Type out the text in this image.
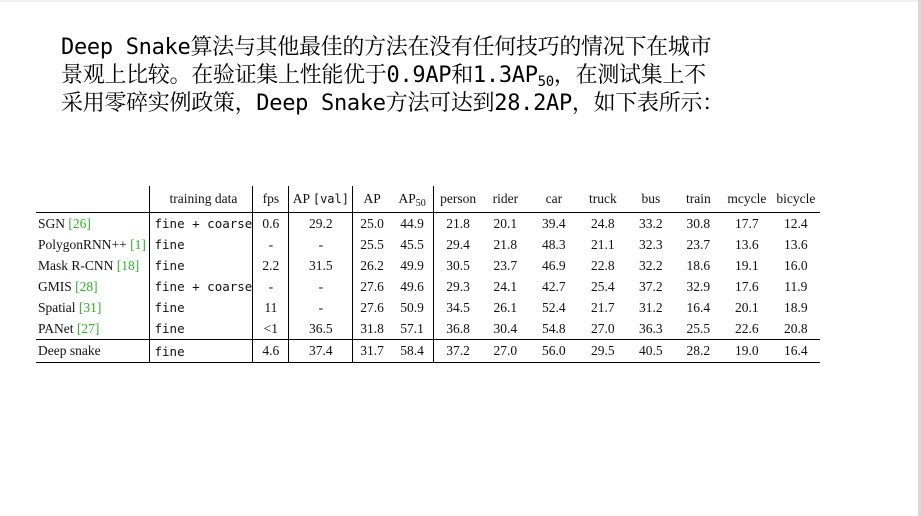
Deep Snake算法与其他最佳的方法在没有任何技巧的情况下在城市
景观上比较。在验证集上性能优于0.9AP和$1.3AP_{50}$，在测试集上不
采用零碎实例政策，Deep Snake方法可达到28.2AP，如下表所示：
	training data	fps	AP [val]	AP	$AP_{50}$	person	rider	car	truck	bus	train	mcycle	bicycle
SGN [26]	fine + coarse	0.6	29.2	25.0	44.9	21.8	20.1	39.4	24.8	33.2	30.8	17.7	12.4
PolygonRNN++ [1]	fine	-	-	25.5	45.5	29.4	21.8	48.3	21.1	32.3	23.7	13.6	13.6
Mask R-CNN [18]	fine	2.2	31.5	26.2	49.9	30.5	23.7	46.9	22.8	32.2	18.6	19.1	16.0
GMIS [28]	fine + coarse	-	-	27.6	49.6	29.3	24.1	42.7	25.4	37.2	32.9	17.6	11.9
Spatial [31]	fine	11	-	27.6	50.9	34.5	26.1	52.4	21.7	31.2	16.4	20.1	18.9
PANet [27]	fine	<1	36.5	31.8	57.1	36.8	30.4	54.8	27.0	36.3	25.5	22.6	20.8
Deep snake	fine	4.6	37.4	31.7	58.4	37.2	27.0	56.0	29.5	40.5	28.2	19.0	16.4
